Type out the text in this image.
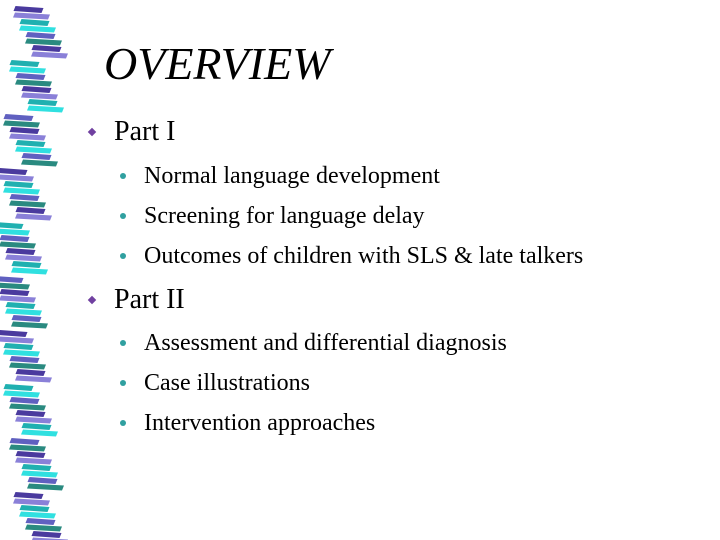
OVERVIEW
Part I
Normal language development
Screening for language delay
Outcomes of children with SLS & late talkers
Part II
Assessment and differential diagnosis
Case illustrations
Intervention approaches
